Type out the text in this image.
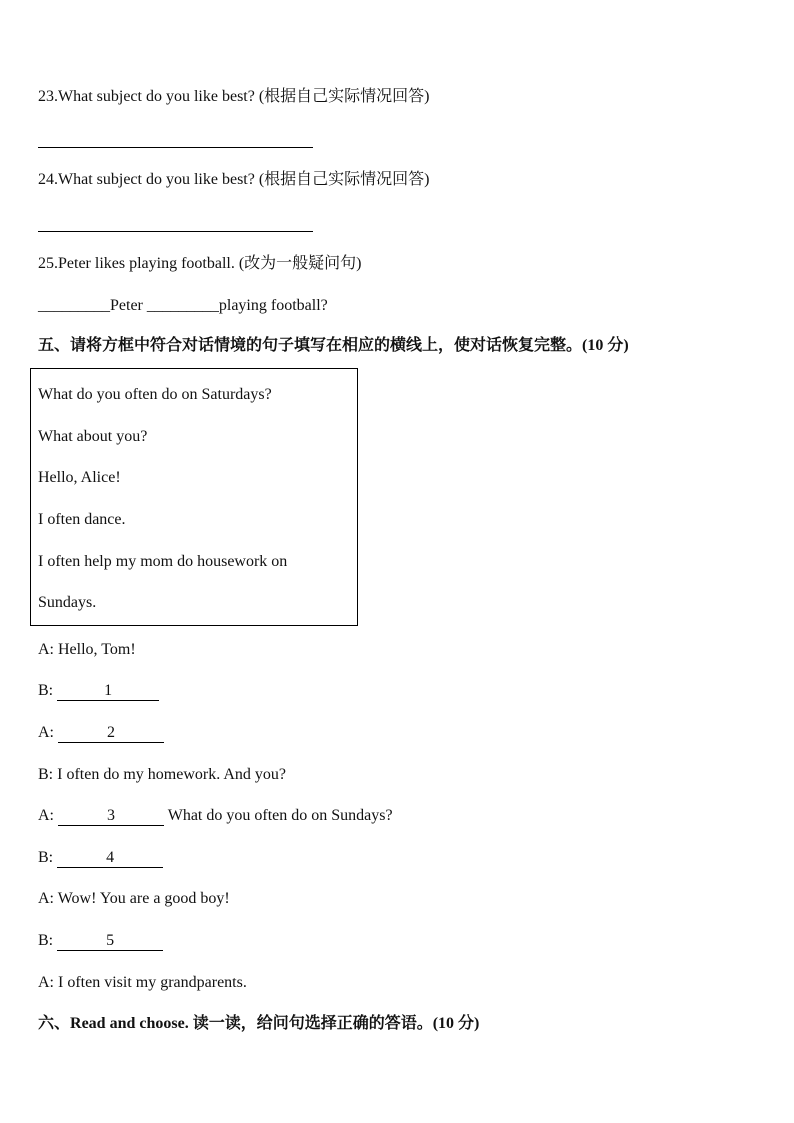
23.What subject do you like best? (根据自己实际情况回答)
24.What subject do you like best? (根据自己实际情况回答)
25.Peter likes playing football. (改为一般疑问句)
_________Peter _________playing football?
五、请将方框中符合对话情境的句子填写在相应的横线上，使对话恢复完整。(10 分)
What do you often do on Saturdays?
What about you?
Hello, Alice!
I often dance.
I often help my mom do housework on
Sundays.
A: Hello, Tom!
B:	1
A:	2
B: I often do my homework. And you?
A:	3	What do you often do on Sundays?
B:	4
A: Wow! You are a good boy!
B:	5
A: I often visit my grandparents.
六、Read and choose. 读一读，给问句选择正确的答语。(10 分)
